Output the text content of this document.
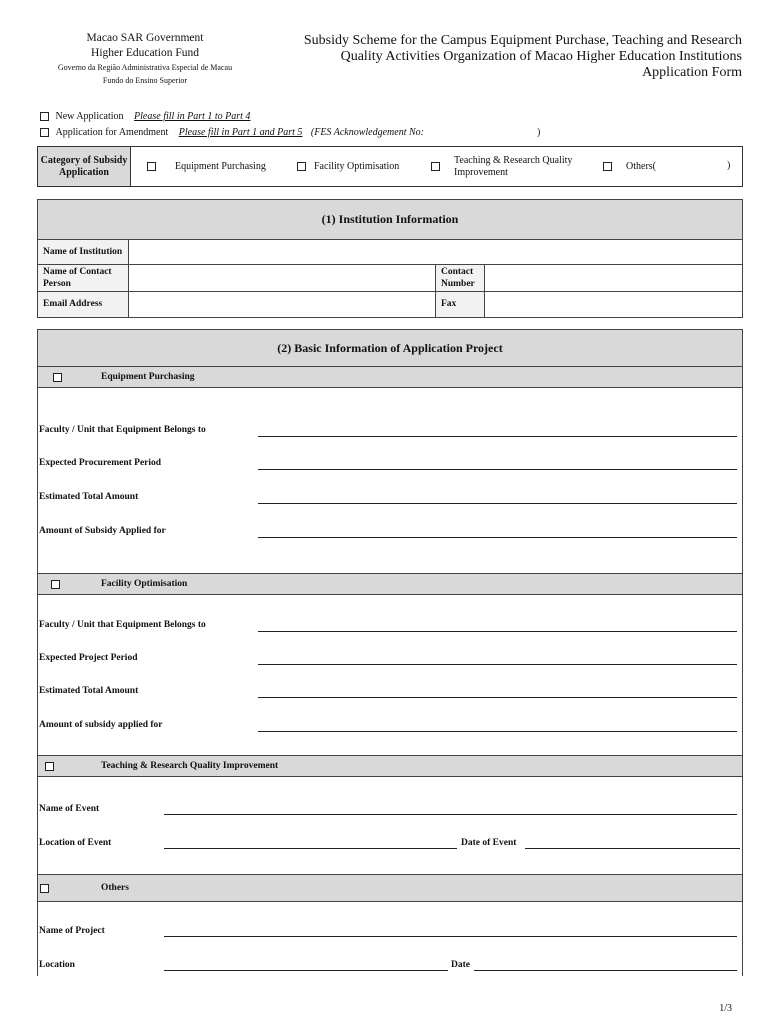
Macao SAR Government
Higher Education Fund
Governo da Região Administrativa Especial de Macau
Fundo do Ensino Superior
Subsidy Scheme for the Campus Equipment Purchase, Teaching and Research
Quality Activities Organization of Macao Higher Education Institutions
Application Form
New Application Please fill in Part 1 to Part 4
Application for Amendment Please fill in Part 1 and Part 5 (FES Acknowledgement No:	)
Category of Subsidy Application	Equipment Purchasing	Facility Optimisation
Teaching & Research Quality Improvement	Others(	)
(1) Institution Information
Name of Institution			
Name of Contact Person		Contact Number	
Email Address		Fax	
(2) Basic Information of Application Project
Equipment Purchasing
Faculty / Unit that Equipment Belongs to
Expected Procurement Period
Estimated Total Amount
Amount of Subsidy Applied for
Facility Optimisation
Faculty / Unit that Equipment Belongs to
Expected Project Period
Estimated Total Amount
Amount of subsidy applied for
Teaching & Research Quality Improvement
Name of Event
Location of Event	Date of Event
Others
Name of Project
Location	Date
1/3
